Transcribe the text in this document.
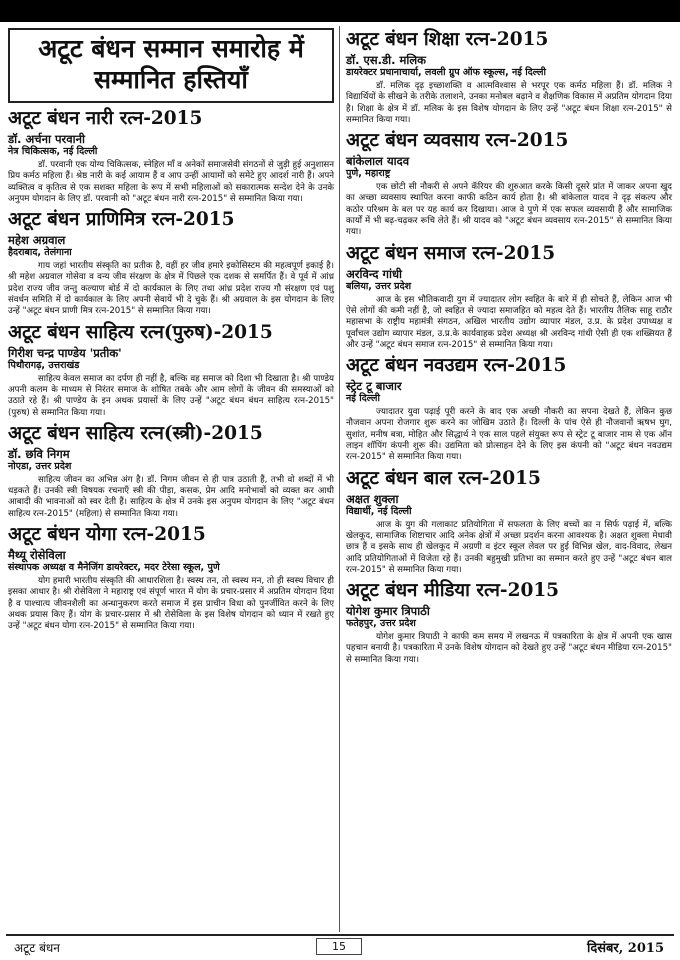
अटूट बंधन सम्मान समारोह में सम्मानित हस्तियाँ

अटूट बंधन नारी रत्न-2015

डॉ. अर्चना परवानी

नेत्र चिकित्सक, नई दिल्ली

डॉ. परवानी एक योग्य चिकित्सक, स्नेहिल माँ व अनेकों समाजसेवी संगठनों से जुड़ी हुई अनुशासन प्रिय कर्मठ महिला हैं। श्रेष्ठ नारी के कई आयाम हैं व आप उन्हीं आयामों को समेटे हुए आदर्श नारी हैं। अपने व्यक्तित्व व कृतित्व से एक सशक्त महिला के रूप में सभी महिलाओं को सकारात्मक सन्देश देने के उनके अनुपम योगदान के लिए डॉ. परवानी को "अटूट बंधन नारी रत्न-2015" से सम्मानित किया गया।

अटूट बंधन प्राणिमित्र रत्न-2015

महेश अग्रवाल

हैदराबाद, तेलंगाना

गाय जहां भारतीय संस्कृति का प्रतीक है, वहीं हर जीव हमारे इकोसिस्टम की महत्वपूर्ण इकाई है। श्री महेश अग्रवाल गोसेवा व वन्य जीव संरक्षण के क्षेत्र में पिछले एक दशक से समर्पित हैं। वे पूर्व में आंध्र प्रदेश राज्य जीव जन्तु कल्याण बोर्ड में दो कार्यकाल के लिए तथा आंध्र प्रदेश राज्य गौ संरक्षण एवं पशु संवर्धन समिति में दो कार्यकाल के लिए अपनी सेवायें भी दे चुके हैं। श्री अग्रवाल के इस योगदान के लिए उन्हें "अटूट बंधन प्राणी मित्र रत्न-2015" से सम्मानित किया गया।

अटूट बंधन साहित्य रत्न(पुरुष)-2015

गिरीश चन्द्र पाण्डेय 'प्रतीक'

पिथौरागढ़, उत्तराखंड

साहित्य केवल समाज का दर्पण ही नहीं है, बल्कि वह समाज को दिशा भी दिखाता है। श्री पाण्डेय अपनी कलम के माध्यम से निरंतर समाज के शोषित तबके और आम लोगों के जीवन की समस्याओं को उठाते रहे हैं। श्री पाण्डेय के इन अथक प्रयासों के लिए उन्हें "अटूट बंधन बंधन साहित्य रत्न-2015" (पुरुष) से सम्मानित किया गया।

अटूट बंधन साहित्य रत्न(स्त्री)-2015

डॉ. छवि निगम

नोएडा, उत्तर प्रदेश

साहित्य जीवन का अभिन्न अंग है। डॉ. निगम जीवन से ही पात्र उठाती हैं, तभी वो शब्दों में भी धड़कते हैं। उनकी स्त्री विषयक रचनाएँ स्त्री की पीड़ा, कसक, प्रेम आदि मनोभावों को व्यक्त कर आधी आबादी की भावनाओं को स्वर देती हैं। साहित्य के क्षेत्र में उनके इस अनुपम योगदान के लिए "अटूट बंधन साहित्य रत्न-2015" (महिला) से सम्मानित किया गया।

अटूट बंधन योगा रत्न-2015

मैथ्यू रोसेविला

संस्थापक अध्यक्ष व मैनेजिंग डायरेक्टर, मदर टेरेसा स्कूल, पुणे

योग हमारी भारतीय संस्कृति की आधारशिला है। स्वस्थ तन, तो स्वस्थ मन, तो ही स्वस्थ विचार ही इसका आधार है। श्री रोसेविला ने महाराष्ट्र एवं संपूर्ण भारत में योग के प्रचार-प्रसार में अप्रतिम योगदान दिया है व पाश्चात्य जीवनशैली का अन्धानुकरण करते समाज में इस प्राचीन विधा को पुनर्जीवित करने के लिए अथक प्रयास किए हैं। योग के प्रचार-प्रसार में श्री रोसेविला के इस विशेष योगदान को ध्यान में रखते हुए उन्हें "अटूट बंधन योगा रत्न-2015" से सम्मानित किया गया।

अटूट बंधन शिक्षा रत्न-2015

डॉ. एस.डी. मलिक

डायरेक्टर प्रधानाचार्या, लवली ग्रुप ऑफ स्कूल्स, नई दिल्ली

डॉ. मलिक दृढ़ इच्छाशक्ति व आत्मविश्वास से भरपूर एक कर्मठ महिला हैं। डॉ. मलिक ने विद्यार्थियों के सीखने के तरीके तलाशने, उनका मनोबल बढ़ाने व शैक्षणिक विकास में अप्रतिम योगदान दिया है। शिक्षा के क्षेत्र में डॉ. मलिक के इस विशेष योगदान के लिए उन्हें "अटूट बंधन शिक्षा रत्न-2015" से सम्मानित किया गया।

अटूट बंधन व्यवसाय रत्न-2015

बांकेलाल यादव

पुणे, महाराष्ट्र

एक छोटी सी नौकरी से अपने कॅरियर की शुरुआत करके किसी दूसरे प्रांत में जाकर अपना खुद का अच्छा व्यवसाय स्थापित करना काफी कठिन कार्य होता है। श्री बांकेलाल यादव ने दृढ़ संकल्प और कठोर परिश्रम के बल पर यह कार्य कर दिखाया। आज वे पुणे में एक सफल व्यवसायी हैं और सामाजिक कार्यों में भी बढ़-चढ़कर रूचि लेते हैं। श्री यादव को "अटूट बंधन व्यवसाय रत्न-2015" से सम्मानित किया गया।

अटूट बंधन समाज रत्न-2015

अरविन्द गांधी

बलिया, उत्तर प्रदेश

आज के इस भौतिकवादी युग में ज्यादातर लोग स्वहित के बारे में ही सोचते हैं, लेकिन आज भी ऐसे लोगों की कमी नहीं है, जो स्वहित से ज्यादा समाजहित को महत्व देते हैं। भारतीय तैलिक साहू राठौर महासभा के राष्ट्रीय महामंत्री संगठन, अखिल भारतीय उद्योग व्यापार मंडल, उ.प्र. के प्रदेश उपाध्यक्ष व पूर्वांचल उद्योग व्यापार मंडल, उ.प्र.के कार्यवाहक प्रदेश अध्यक्ष श्री अरविन्द गांधी ऐसी ही एक शख्सियत हैं और उन्हें "अटूट बंधन समाज रत्न-2015" से सम्मानित किया गया।

अटूट बंधन नवउद्यम रत्न-2015

स्ट्रेट टू बाजार

नई दिल्ली

ज्यादातर युवा पढ़ाई पूरी करने के बाद एक अच्छी नौकरी का सपना देखते हैं, लेकिन कुछ नौजवान अपना रोजगार शुरू करने का जोखिम उठाते हैं। दिल्ली के पांच ऐसे ही नौजवानों ऋषभ घुग, सुशांत, मनीष बत्रा, मोहित और सिद्धार्थ ने एक साल पहले संयुक्त रूप से स्ट्रेट टू बाजार नाम से एक ऑन लाइन शॉपिंग कंपनी शुरू की। उद्यमिता को प्रोत्साहन देने के लिए इस कंपनी को "अटूट बंधन नवउद्यम रत्न-2015" से सम्मानित किया गया।

अटूट बंधन बाल रत्न-2015

अक्षत शुक्ला

विद्यार्थी, नई दिल्ली

आज के युग की गलाकाट प्रतियोगिता में सफलता के लिए बच्चों का न सिर्फ पढ़ाई में, बल्कि खेलकूद, सामाजिक शिष्टाचार आदि अनेक क्षेत्रों में अच्छा प्रदर्शन करना आवश्यक है। अक्षत शुक्ला मेधावी छात्र हैं व इसके साथ ही खेलकूद में अग्रणी व इंटर स्कूल लेवल पर हुई विभिन्न खेल, वाद-विवाद, लेखन आदि प्रतियोगिताओं में विजेता रहे हैं। उनकी बहुमुखी प्रतिभा का सम्मान करते हुए उन्हें "अटूट बंधन बाल रत्न-2015" से सम्मानित किया गया।

अटूट बंधन मीडिया रत्न-2015

योगेश कुमार त्रिपाठी

फतेहपुर, उत्तर प्रदेश

योगेश कुमार त्रिपाठी ने काफी कम समय में लखनऊ में पत्रकारिता के क्षेत्र में अपनी एक खास पहचान बनायी है। पत्रकारिता में उनके विशेष योगदान को देखते हुए उन्हें "अटूट बंधन मीडिया रत्न-2015" से सम्मानित किया गया।

अटूट बंधन	15	दिसंबर, 2015
